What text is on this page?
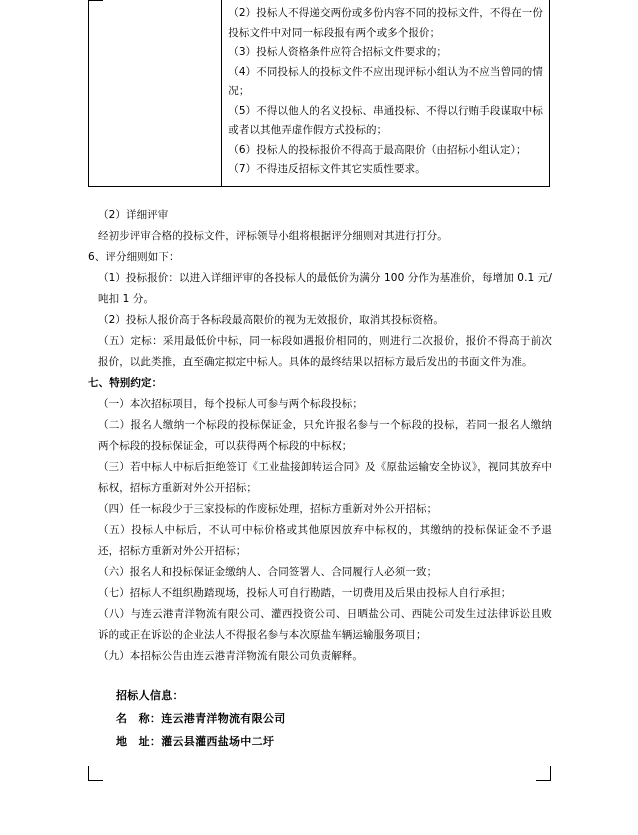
（2）投标人不得递交两份或多份内容不同的投标文件，不得在一份投标文件中对同一标段报有两个或多个报价；
（3）投标人资格条件应符合招标文件要求的；
（4）不同投标人的投标文件不应出现评标小组认为不应当曾同的情况；
（5）不得以他人的名义投标、串通投标、不得以行贿手段谋取中标或者以其他弄虚作假方式投标的；
（6）投标人的投标报价不得高于最高限价（由招标小组认定）；
（7）不得违反招标文件其它实质性要求。

（2）详细评审

经初步评审合格的投标文件，评标领导小组将根据评分细则对其进行打分。

6、评分细则如下：

（1）投标报价：以进入详细评审的各投标人的最低价为满分 100 分作为基准价，每增加 0.1 元/吨扣 1 分。

（2）投标人报价高于各标段最高限价的视为无效报价，取消其投标资格。

（五）定标：采用最低价中标，同一标段如遇报价相同的，则进行二次报价，报价不得高于前次报价，以此类推，直至确定拟定中标人。具体的最终结果以招标方最后发出的书面文件为准。

七、特别约定：

（一）本次招标项目，每个投标人可参与两个标段投标；

（二）报名人缴纳一个标段的投标保证金，只允许报名参与一个标段的投标，若同一报名人缴纳两个标段的投标保证金，可以获得两个标段的中标权；

（三）若中标人中标后拒绝签订《工业盐接卸转运合同》及《原盐运输安全协议》，视同其放弃中标权，招标方重新对外公开招标；

（四）任一标段少于三家投标的作废标处理，招标方重新对外公开招标；

（五）投标人中标后，不认可中标价格或其他原因放弃中标权的，其缴纳的投标保证金不予退还，招标方重新对外公开招标；

（六）报名人和投标保证金缴纳人、合同签署人、合同履行人必须一致；

（七）招标人不组织勘踏现场，投标人可自行勘踏，一切费用及后果由投标人自行承担；

（八）与连云港青洋物流有限公司、灌西投资公司、日晒盐公司、西陡公司发生过法律诉讼且败诉的或正在诉讼的企业法人不得报名参与本次原盐车辆运输服务项目；

（九）本招标公告由连云港青洋物流有限公司负责解释。

招标人信息：
名　称：连云港青洋物流有限公司
地　址：灌云县灌西盐场中二圩
